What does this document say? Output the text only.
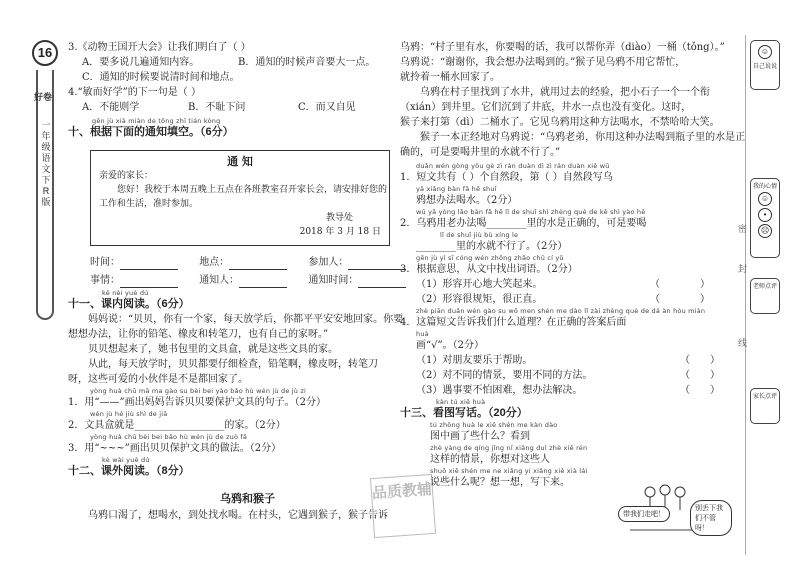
16
好卷
一年级语文下R版
3.《动物王国开大会》让我们明白了（ ）
A．要多说几遍通知内容。	B．通知的时候声音要大一点。
C．通知的时候要说清时间和地点。
4.“敏而好学”的下一句是（ ）
A．不能则学	B．不耻下问	C．而又自见
gēn jù xià miàn de tōng zhī tián kòng
十、根据下面的通知填空。（6分）
通 知
亲爱的家长：
您好！我校于本周五晚上五点在各班教室召开家长会，请安排好您的
工作和生活，准时参加。
教导处
2018 年 3 月 18 日
时间：	地点：	参加人：
事情：	通知人：	通知时间：
kè nèi yuè dú
十一、课内阅读。（6分）
妈妈说：“贝贝，你有一个家，每天放学后，你都平平安安地回家。你要
想想办法，让你的铅笔、橡皮和转笔刀，也有自己的家呀。”
贝贝想起来了，她书包里的文具盒，就是这些文具的家。
从此，每天放学时，贝贝都要仔细检查，铅笔啊，橡皮呀，转笔刀
呀，这些可爱的小伙伴是不是都回家了。
yòng huà chū mā ma gào su bèi bei yào bǎo hù wén jù de jù zi
1．用“——”画出妈妈告诉贝贝要保护文具的句子。（2分）
wén jù hé jiù shì de jiā
2．文具盒就是__________________的家。（2分）
yòng huà chū bèi bei bǎo hù wén jù de zuò fǎ
3．用“~~~”画出贝贝保护文具的做法。（2分）
kè wài yuè dú
十二、课外阅读。（8分）
乌鸦和猴子
乌鸦口渴了，想喝水，到处找水喝。在村头，它遇到猴子，猴子告诉
品质教辅
乌鸦：“村子里有水，你要喝的话，我可以帮你弄（diào）一桶（tǒng）。”
乌鸦说：“谢谢你，我会想办法喝到的。”猴子见乌鸦不用它帮忙，
就拎着一桶水回家了。
乌鸦在村子里找到了水井，就用过去的经验，把小石子一个一个衔
（xián）到井里。它们沉到了井底，井水一点也没有变化。这时，
猴子来打第（dì）二桶水了。它见乌鸦用这种方法喝水，不禁哈哈大笑。
猴子一本正经地对乌鸦说：“乌鸦老弟，你用这种办法喝到瓶子里的水是正
确的，可是要喝井里的水就不行了。”
duǎn wén gòng yǒu gè zì rán duàn dì zì rán duàn xiě wū
1．短文共有（ ）个自然段，第（ ）自然段写乌
yā xiǎng bàn fǎ hē shuǐ
鸦想办法喝水。（2分）
wū yā yòng lǎo bàn fǎ hē lǐ de shuǐ shì zhèng què de kě shì yào hē
2．乌鸦用老办法喝________里的水是正确的，可是要喝
lǐ de shuǐ jiù bù xíng le
________里的水就不行了。（2分）
gēn jù yì sī cóng wén zhōng zhǎo chū cí yǔ
3．根据意思，从文中找出词语。（2分）
（1）形容开心地大笑起来。	（　　　　）
（2）形容很规矩，很正直。	（　　　　）
zhè piān duǎn wén gào su wǒ men shén me dào lǐ zài zhèng què de dá àn hòu miàn
4．这篇短文告诉我们什么道理？在正确的答案后面
huà
画“√”。（2分）
（1）对朋友要乐于帮助。	（　　）
（2）对不同的情景，要用不同的方法。	（　　）
（3）遇事要不怕困难，想办法解决。	（　　）
kàn tú xiě huà
十三、看图写话。（20分）
tú zhōng huà le xiē shén me kàn dào
图中画了些什么？看到
zhè yàng de qíng jǐng nǐ xiǎng duì zhè xiē rén
这样的情景，你想对这些人
shuō xiē shén me ne xiǎng yi xiǎng xiě xià lái
说些什么呢？想一想，写下来。
带我们走吧！
别丢下我们不管呀！
☺
自己说说
我的心情
☺
•
☹
老师点评
家长点评
密
封
线
